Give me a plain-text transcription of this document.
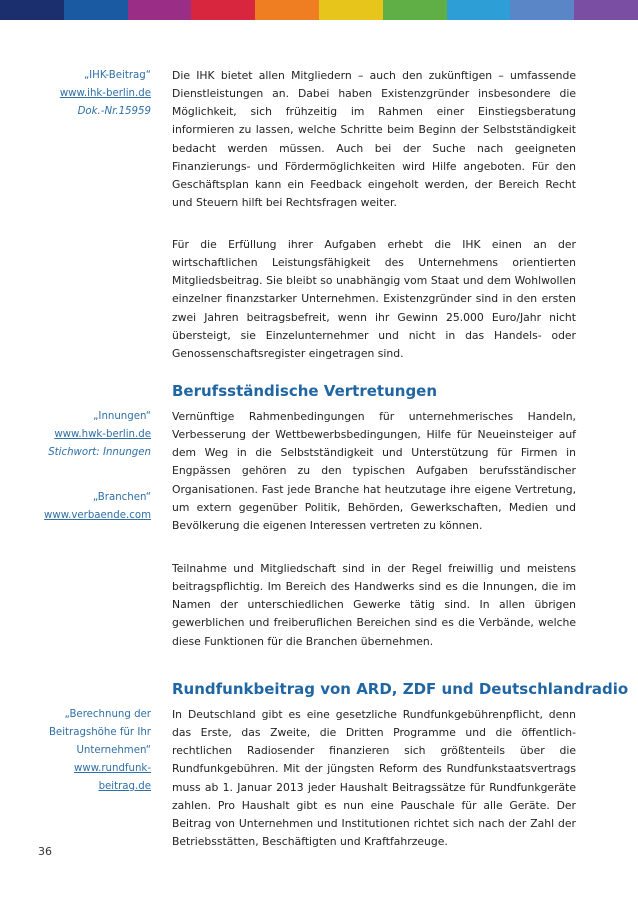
„IHK-Beitrag“
www.ihk-berlin.de
Dok.-Nr.15959
„Innungen“
www.hwk-berlin.de
Stichwort: Innungen
„Branchen“
www.verbaende.com
„Berechnung der
Beitragshöhe für Ihr
Unternehmen“
www.rundfunk-
beitrag.de

Die IHK bietet allen Mitgliedern – auch den zukünftigen – umfassende Dienstleistungen an. Dabei haben Existenzgründer insbesondere die Möglichkeit, sich frühzeitig im Rahmen einer Einstiegsberatung informieren zu lassen, welche Schritte beim Beginn der Selbstständigkeit bedacht werden müssen. Auch bei der Suche nach geeigneten Finanzierungs- und Fördermöglichkeiten wird Hilfe angeboten. Für den Geschäftsplan kann ein Feedback eingeholt werden, der Bereich Recht und Steuern hilft bei Rechtsfragen weiter.

Für die Erfüllung ihrer Aufgaben erhebt die IHK einen an der wirtschaftlichen Leistungsfähigkeit des Unternehmens orientierten Mitgliedsbeitrag. Sie bleibt so unabhängig vom Staat und dem Wohlwollen einzelner finanzstarker Unternehmen. Existenzgründer sind in den ersten zwei Jahren beitragsbefreit, wenn ihr Gewinn 25.000 Euro/Jahr nicht übersteigt, sie Einzelunternehmer und nicht in das Handels- oder Genossenschaftsregister eingetragen sind.

Berufsständische Vertretungen

Vernünftige Rahmenbedingungen für unternehmerisches Handeln, Verbesserung der Wettbewerbsbedingungen, Hilfe für Neueinsteiger auf dem Weg in die Selbstständigkeit und Unterstützung für Firmen in Engpässen gehören zu den typischen Aufgaben berufsständischer Organisationen. Fast jede Branche hat heutzutage ihre eigene Vertretung, um extern gegenüber Politik, Behörden, Gewerkschaften, Medien und Bevölkerung die eigenen Interessen vertreten zu können.

Teilnahme und Mitgliedschaft sind in der Regel freiwillig und meistens beitragspflichtig. Im Bereich des Handwerks sind es die Innungen, die im Namen der unterschiedlichen Gewerke tätig sind. In allen übrigen gewerblichen und freiberuflichen Bereichen sind es die Verbände, welche diese Funktionen für die Branchen übernehmen.

Rundfunkbeitrag von ARD, ZDF und Deutschlandradio

In Deutschland gibt es eine gesetzliche Rundfunkgebührenpflicht, denn das Erste, das Zweite, die Dritten Programme und die öffentlich-rechtlichen Radiosender finanzieren sich größtenteils über die Rundfunkgebühren. Mit der jüngsten Reform des Rundfunkstaatsvertrags muss ab 1. Januar 2013 jeder Haushalt Beitragssätze für Rundfunkgeräte zahlen. Pro Haushalt gibt es nun eine Pauschale für alle Geräte. Der Beitrag von Unternehmen und Institutionen richtet sich nach der Zahl der Betriebsstätten, Beschäftigten und Kraftfahrzeuge.

36
